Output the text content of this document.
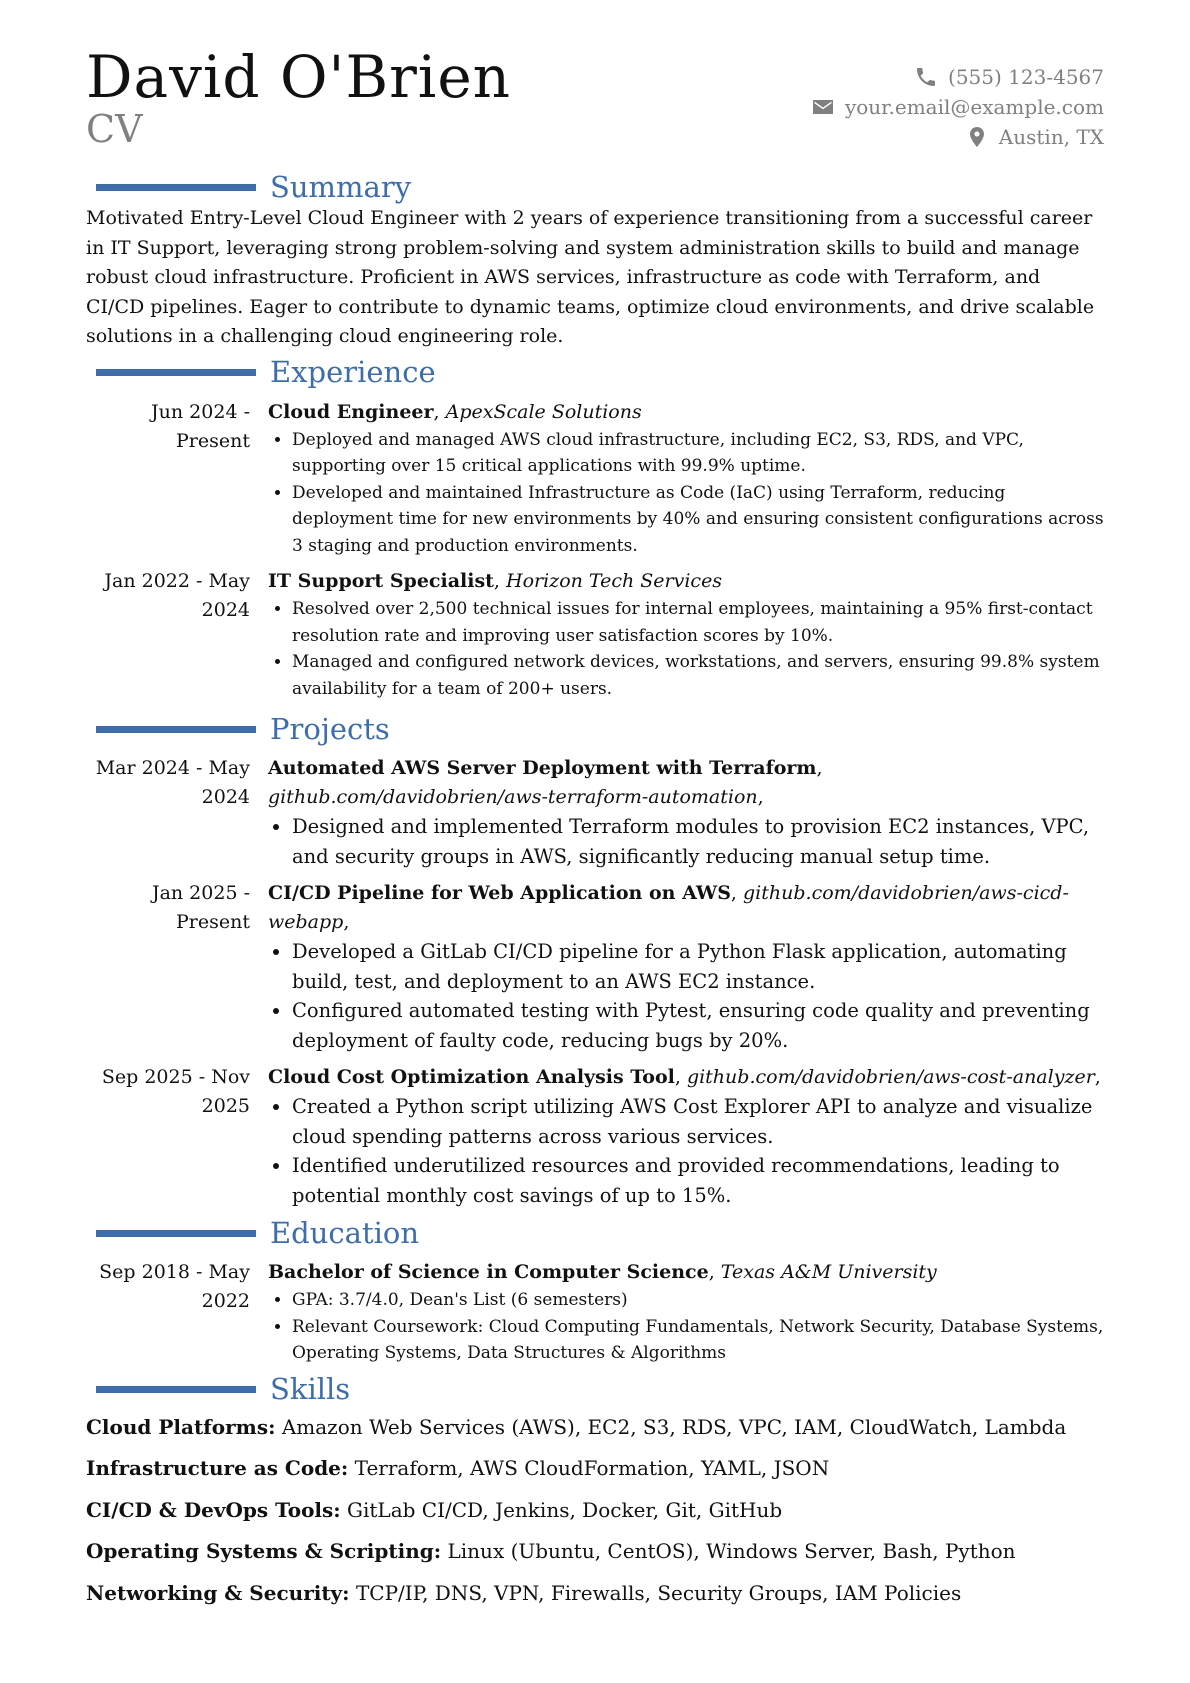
David O'Brien
CV
(555) 123-4567
your.email@example.com
Austin, TX
Summary

Motivated Entry-Level Cloud Engineer with 2 years of experience transitioning from a successful career in IT Support, leveraging strong problem-solving and system administration skills to build and manage robust cloud infrastructure. Proficient in AWS services, infrastructure as code with Terraform, and CI/CD pipelines. Eager to contribute to dynamic teams, optimize cloud environments, and drive scalable solutions in a challenging cloud engineering role.

Experience
Jun 2024 - Present
Cloud Engineer, ApexScale Solutions
• Deployed and managed AWS cloud infrastructure, including EC2, S3, RDS, and VPC, supporting over 15 critical applications with 99.9% uptime.
• Developed and maintained Infrastructure as Code (IaC) using Terraform, reducing deployment time for new environments by 40% and ensuring consistent configurations across 3 staging and production environments.
Jan 2022 - May 2024
IT Support Specialist, Horizon Tech Services
• Resolved over 2,500 technical issues for internal employees, maintaining a 95% first-contact resolution rate and improving user satisfaction scores by 10%.
• Managed and configured network devices, workstations, and servers, ensuring 99.8% system availability for a team of 200+ users.
Projects
Mar 2024 - May 2024
Automated AWS Server Deployment with Terraform, github.com/davidobrien/aws-terraform-automation,
• Designed and implemented Terraform modules to provision EC2 instances, VPC, and security groups in AWS, significantly reducing manual setup time.
Jan 2025 - Present
CI/CD Pipeline for Web Application on AWS, github.com/davidobrien/aws-cicd-webapp,
• Developed a GitLab CI/CD pipeline for a Python Flask application, automating build, test, and deployment to an AWS EC2 instance.
• Configured automated testing with Pytest, ensuring code quality and preventing deployment of faulty code, reducing bugs by 20%.
Sep 2025 - Nov 2025
Cloud Cost Optimization Analysis Tool, github.com/davidobrien/aws-cost-analyzer,
• Created a Python script utilizing AWS Cost Explorer API to analyze and visualize cloud spending patterns across various services.
• Identified underutilized resources and provided recommendations, leading to potential monthly cost savings of up to 15%.
Education
Sep 2018 - May 2022
Bachelor of Science in Computer Science, Texas A&M University
• GPA: 3.7/4.0, Dean's List (6 semesters)
• Relevant Coursework: Cloud Computing Fundamentals, Network Security, Database Systems, Operating Systems, Data Structures & Algorithms
Skills
Cloud Platforms: Amazon Web Services (AWS), EC2, S3, RDS, VPC, IAM, CloudWatch, Lambda
Infrastructure as Code: Terraform, AWS CloudFormation, YAML, JSON
CI/CD & DevOps Tools: GitLab CI/CD, Jenkins, Docker, Git, GitHub
Operating Systems & Scripting: Linux (Ubuntu, CentOS), Windows Server, Bash, Python
Networking & Security: TCP/IP, DNS, VPN, Firewalls, Security Groups, IAM Policies
